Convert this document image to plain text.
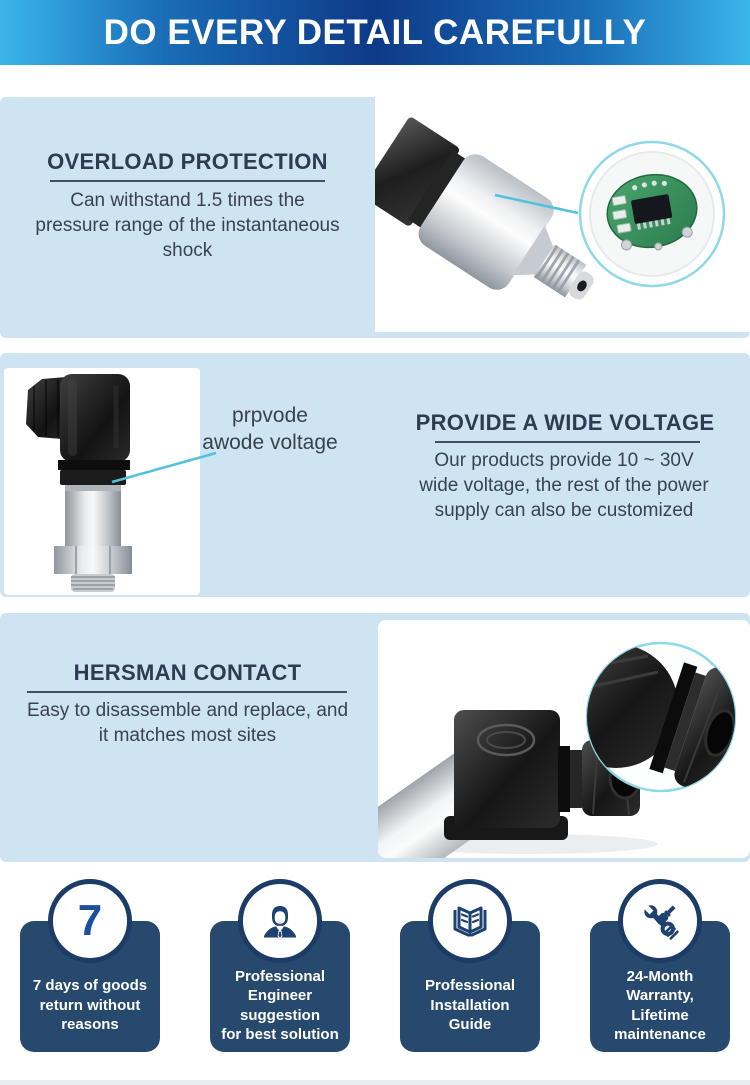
DO EVERY DETAIL CAREFULLY
OVERLOAD PROTECTION
Can withstand 1.5 times the
pressure range of the instantaneous
shock
prpvode
awode voltage
PROVIDE A WIDE VOLTAGE
Our products provide 10 ~ 30V
wide voltage, the rest of the power
supply can also be customized
HERSMAN CONTACT
Easy to disassemble and replace, and
it matches most sites
7
7 days of goods
return without
reasons
Professional
Engineer
suggestion
for best solution
Professional
Installation
Guide
24-Month
Warranty,
Lifetime
maintenance
